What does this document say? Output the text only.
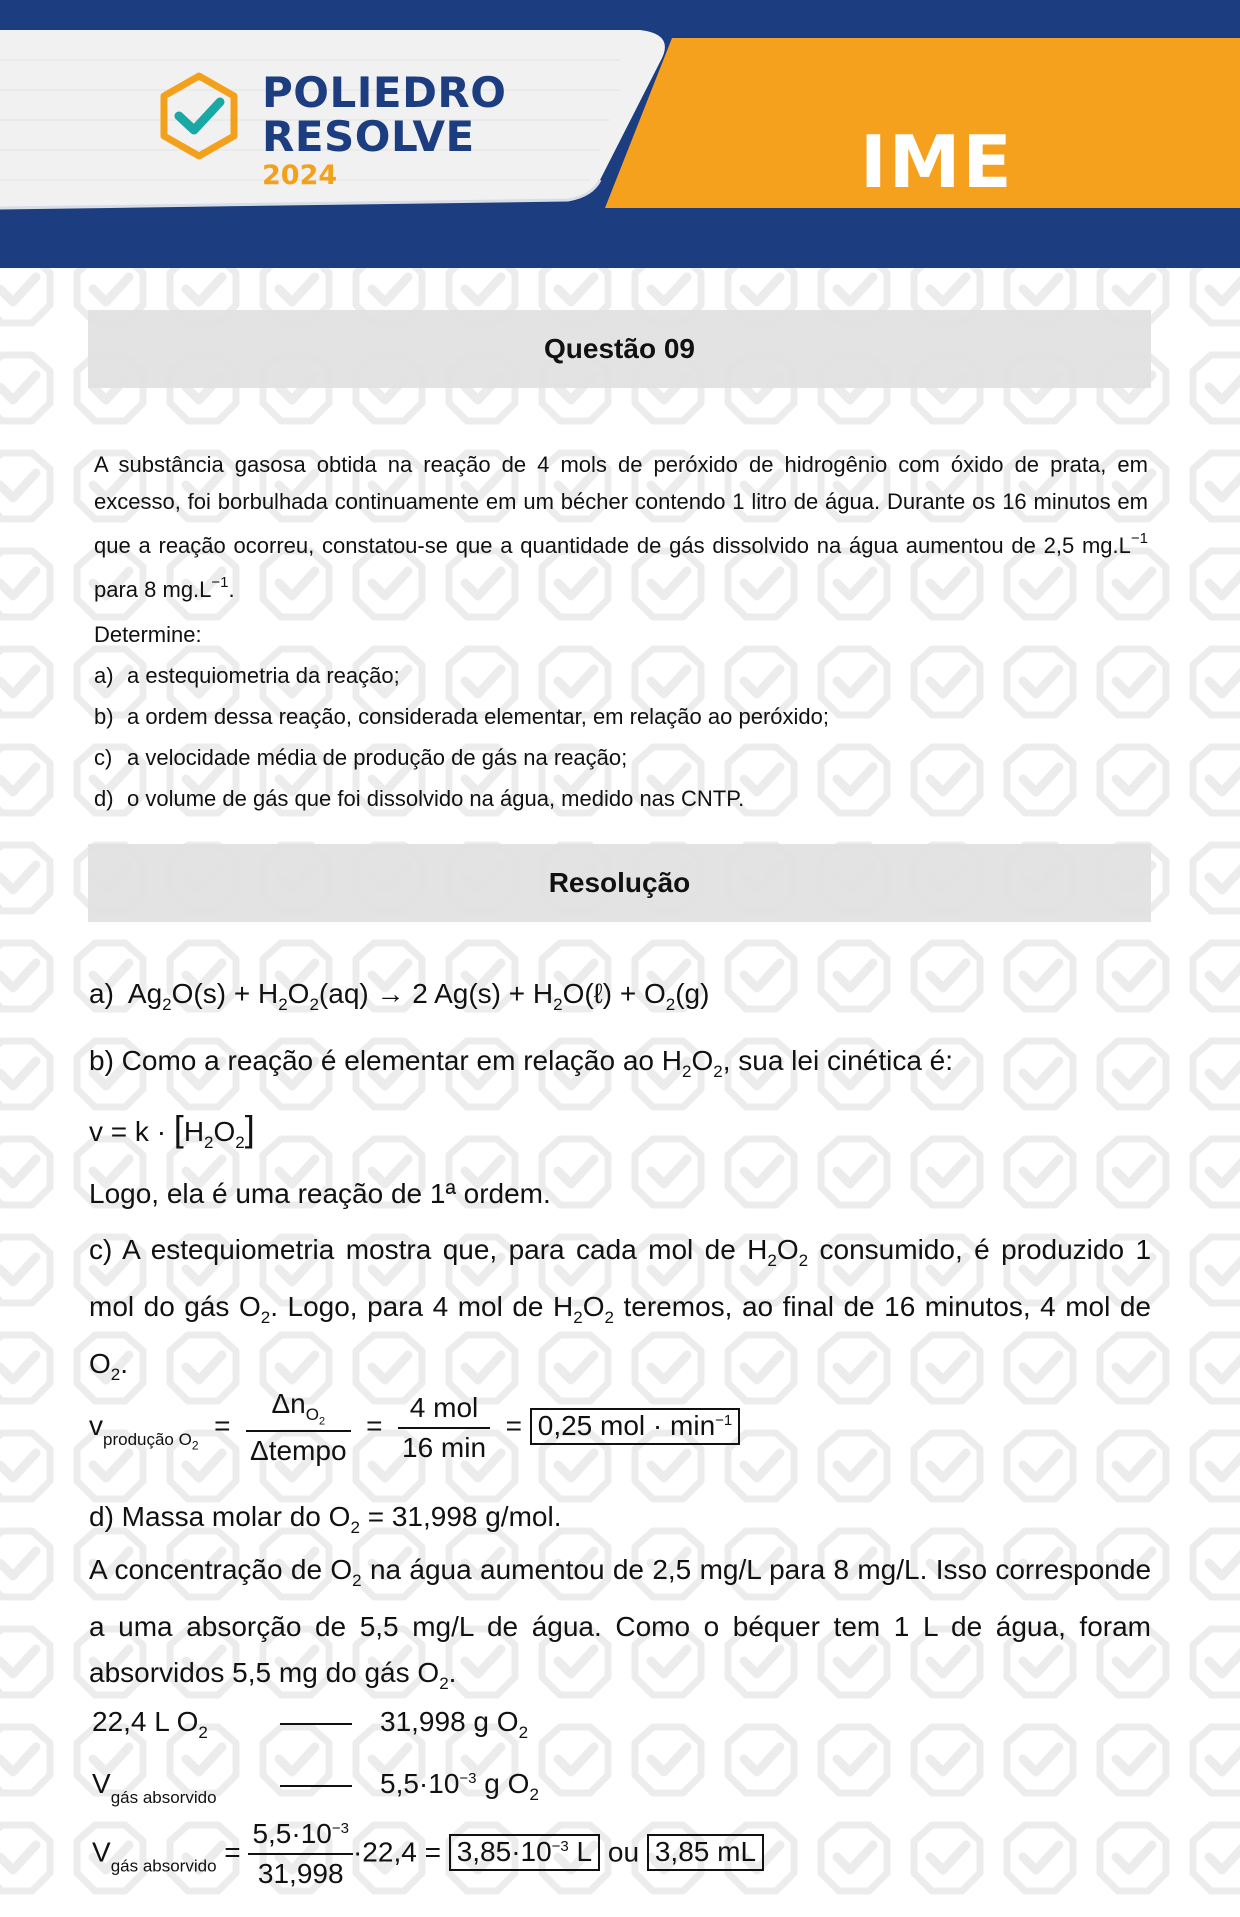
POLIEDRO
RESOLVE
2024	IME
Questão 09

A substância gasosa obtida na reação de 4 mols de peróxido de hidrogênio com óxido de prata, em excesso, foi borbulhada continuamente em um bécher contendo 1 litro de água. Durante os 16 minutos em que a reação ocorreu, constatou-se que a quantidade de gás dissolvido na água aumentou de 2,5 $mg.L^{-1}$ para 8 $mg.L^{-1}$.

Determine:
a) a estequiometria da reação;
b) a ordem dessa reação, considerada elementar, em relação ao peróxido;
c) a velocidade média de produção de gás na reação;
d) o volume de gás que foi dissolvido na água, medido nas CNTP.
Resolução
a)  $Ag_2O(s) + H_2O_2(aq) \to 2$ $Ag(s) + H_2O(\ell) + O_2(g)$

b) Como a reação é elementar em relação ao $H_2O_2$, sua lei cinética é:

$v = k \cdot [H_2O_2]$

Logo, ela é uma reação de 1ª ordem.

c) A estequiometria mostra que, para cada mol de $H_2O_2$ consumido, é produzido 1 mol do gás $O_2$. Logo, para 4 mol de $H_2O_2$ teremos, ao final de 16 minutos, 4 mol de $O_2$.

$v_{produção O_2} = \frac{\Delta n_{O_2}}{\text{Δtempo}} = \frac{\text{4 mol}}{16 \min} = 0,25$ mol · $\min^{-1}$

d) Massa molar do $O_2 = 31,998$ g/mol.

A concentração de $O_2$ na água aumentou de 2,5 mg/L para 8 mg/L. Isso corresponde a uma absorção de 5,5 mg/L de água. Como o béquer tem 1 L de água, foram absorvidos 5,5 mg do gás $O_2$.

22,4 L $O_2$	31,998 g $O_2$
$V_{gás absorvido}$	$5,5\cdot 10^{-3}$ g $O_2$
$V_{gás absorvido} = \frac{5,5\cdot 10^{-3}}{31,998} \cdot 22,4 = 3,85\cdot 10^{-3}$ L ou 3,85 mL
